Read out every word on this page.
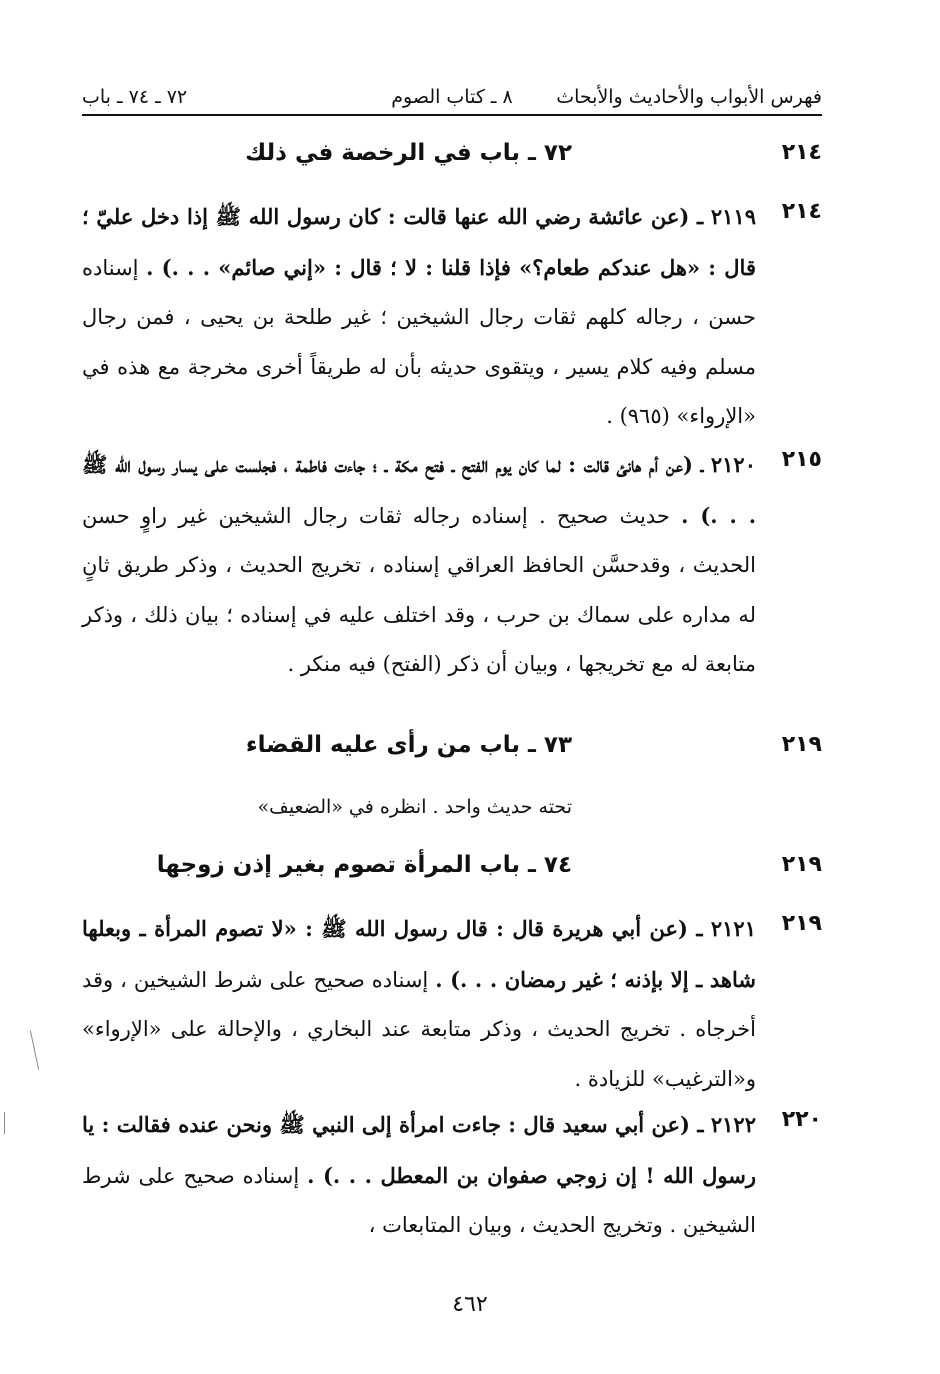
فهرس الأبواب والأحاديث والأبحاث
٨ ـ كتاب الصوم
٧٢ ـ ٧٤ ـ باب
٢١٤
٧٢ ـ باب في الرخصة في ذلك
٢١٤
٢١١٩ ـ (عن عائشة رضي الله عنها قالت : كان رسول الله ﷺ إذا دخل عليّ ؛ قال : «هل عندكم طعام؟» فإذا قلنا : لا ؛ قال : «إني صائم» . . .) . إسناده حسن ، رجاله كلهم ثقات رجال الشيخين ؛ غير طلحة بن يحيى ، فمن رجال مسلم وفيه كلام يسير ، ويتقوى حديثه بأن له طريقاً أخرى مخرجة مع هذه في «الإرواء» (٩٦٥) .
٢١٥
٢١٢٠ ـ (عن أم هانئ قالت : لما كان يوم الفتح ـ فتح مكة ـ ؛ جاءت فاطمة ، فجلست على يسار رسول الله ﷺ . . .) . حديث صحيح . إسناده رجاله ثقات رجال الشيخين غير راوٍ حسن الحديث ، وقدحسَّن الحافظ العراقي إسناده ، تخريج الحديث ، وذكر طريق ثانٍ له مداره على سماك بن حرب ، وقد اختلف عليه في إسناده ؛ بيان ذلك ، وذكر متابعة له مع تخريجها ، وبيان أن ذكر (الفتح) فيه منكر .
٢١٩
٧٣ ـ باب من رأى عليه القضاء
تحته حديث واحد . انظره في «الضعيف»
٢١٩
٧٤ ـ باب المرأة تصوم بغير إذن زوجها
٢١٩
٢١٢١ ـ (عن أبي هريرة قال : قال رسول الله ﷺ : «لا تصوم المرأة ـ وبعلها شاهد ـ إلا بإذنه ؛ غير رمضان . . .) . إسناده صحيح على شرط الشيخين ، وقد أخرجاه . تخريج الحديث ، وذكر متابعة عند البخاري ، والإحالة على «الإرواء» و«الترغيب» للزيادة .
٢٢٠
٢١٢٢ ـ (عن أبي سعيد قال : جاءت امرأة إلى النبي ﷺ ونحن عنده فقالت : يا رسول الله ! إن زوجي صفوان بن المعطل . . .) . إسناده صحيح على شرط الشيخين . وتخريج الحديث ، وبيان المتابعات ،
٤٦٢
